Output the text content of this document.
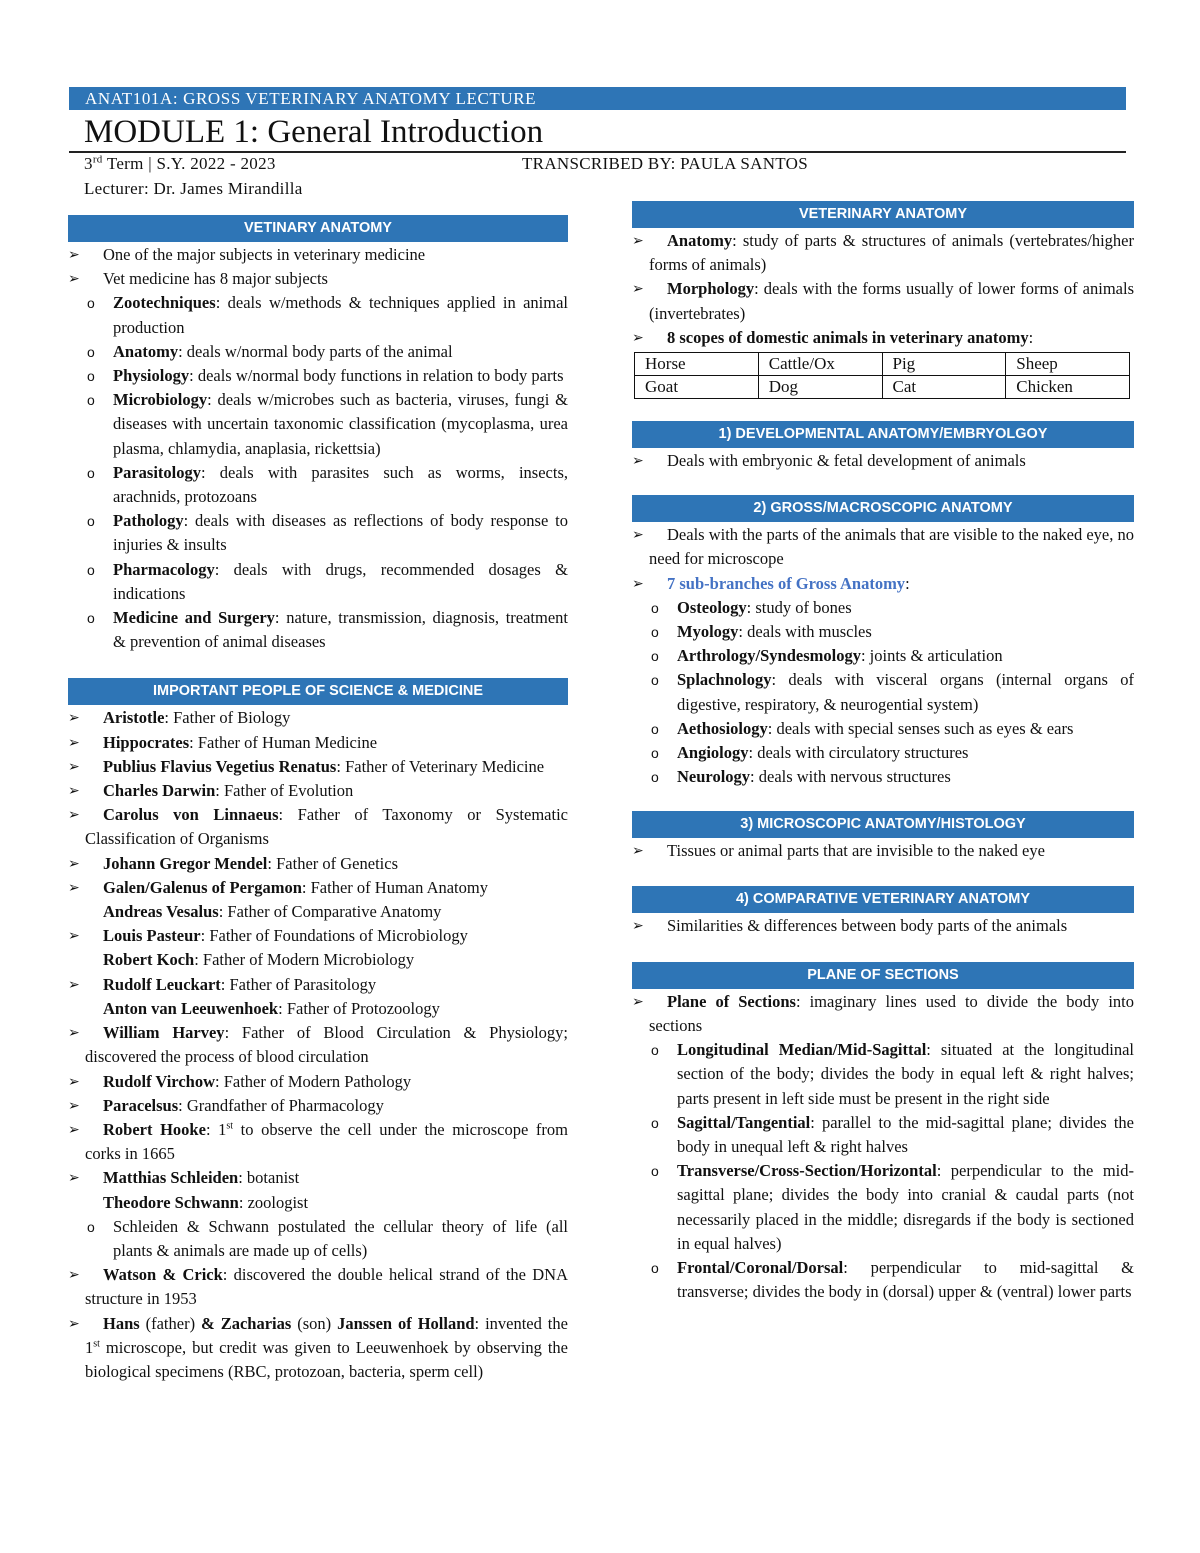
ANAT101A: GROSS VETERINARY ANATOMY LECTURE
MODULE 1: General Introduction
3rd Term | S.Y. 2022 - 2023	TRANSCRIBED BY: PAULA SANTOS
Lecturer: Dr. James Mirandilla
VETINARY ANATOMY
➢ One of the major subjects in veterinary medicine
➢ Vet medicine has 8 major subjects
o Zootechniques: deals w/methods & techniques applied in animal production
o Anatomy: deals w/normal body parts of the animal
o Physiology: deals w/normal body functions in relation to body parts
o Microbiology: deals w/microbes such as bacteria, viruses, fungi & diseases with uncertain taxonomic classification (mycoplasma, urea plasma, chlamydia, anaplasia, rickettsia)
o Parasitology: deals with parasites such as worms, insects, arachnids, protozoans
o Pathology: deals with diseases as reflections of body response to injuries & insults
o Pharmacology: deals with drugs, recommended dosages & indications
o Medicine and Surgery: nature, transmission, diagnosis, treatment & prevention of animal diseases
IMPORTANT PEOPLE OF SCIENCE & MEDICINE
➢ Aristotle: Father of Biology
➢ Hippocrates: Father of Human Medicine
➢ Publius Flavius Vegetius Renatus: Father of Veterinary Medicine
➢ Charles Darwin: Father of Evolution
➢ Carolus von Linnaeus: Father of Taxonomy or Systematic Classification of Organisms
➢ Johann Gregor Mendel: Father of Genetics
➢ Galen/Galenus of Pergamon: Father of Human Anatomy
Andreas Vesalus: Father of Comparative Anatomy
➢ Louis Pasteur: Father of Foundations of Microbiology
Robert Koch: Father of Modern Microbiology
➢ Rudolf Leuckart: Father of Parasitology
Anton van Leeuwenhoek: Father of Protozoology
➢ William Harvey: Father of Blood Circulation & Physiology; discovered the process of blood circulation
➢ Rudolf Virchow: Father of Modern Pathology
➢ Paracelsus: Grandfather of Pharmacology
➢ Robert Hooke: 1st to observe the cell under the microscope from corks in 1665
➢ Matthias Schleiden: botanist
Theodore Schwann: zoologist
o Schleiden & Schwann postulated the cellular theory of life (all plants & animals are made up of cells)
➢ Watson & Crick: discovered the double helical strand of the DNA structure in 1953
➢ Hans (father) & Zacharias (son) Janssen of Holland: invented the 1st microscope, but credit was given to Leeuwenhoek by observing the biological specimens (RBC, protozoan, bacteria, sperm cell)
VETERINARY ANATOMY
➢ Anatomy: study of parts & structures of animals (vertebrates/higher forms of animals)
➢ Morphology: deals with the forms usually of lower forms of animals (invertebrates)
➢ 8 scopes of domestic animals in veterinary anatomy:
Horse	Cattle/Ox	Pig	Sheep
Goat	Dog	Cat	Chicken
1) DEVELOPMENTAL ANATOMY/EMBRYOLGOY
➢ Deals with embryonic & fetal development of animals
2) GROSS/MACROSCOPIC ANATOMY
➢ Deals with the parts of the animals that are visible to the naked eye, no need for microscope
➢ 7 sub-branches of Gross Anatomy:
o Osteology: study of bones
o Myology: deals with muscles
o Arthrology/Syndesmology: joints & articulation
o Splachnology: deals with visceral organs (internal organs of digestive, respiratory, & neurogential system)
o Aethosiology: deals with special senses such as eyes & ears
o Angiology: deals with circulatory structures
o Neurology: deals with nervous structures
3) MICROSCOPIC ANATOMY/HISTOLOGY
➢ Tissues or animal parts that are invisible to the naked eye
4) COMPARATIVE VETERINARY ANATOMY
➢ Similarities & differences between body parts of the animals
PLANE OF SECTIONS
➢ Plane of Sections: imaginary lines used to divide the body into sections
o Longitudinal Median/Mid-Sagittal: situated at the longitudinal section of the body; divides the body in equal left & right halves; parts present in left side must be present in the right side
o Sagittal/Tangential: parallel to the mid-sagittal plane; divides the body in unequal left & right halves
o Transverse/Cross-Section/Horizontal: perpendicular to the mid-sagittal plane; divides the body into cranial & caudal parts (not necessarily placed in the middle; disregards if the body is sectioned in equal halves)
o Frontal/Coronal/Dorsal: perpendicular to mid-sagittal & transverse; divides the body in (dorsal) upper & (ventral) lower parts
